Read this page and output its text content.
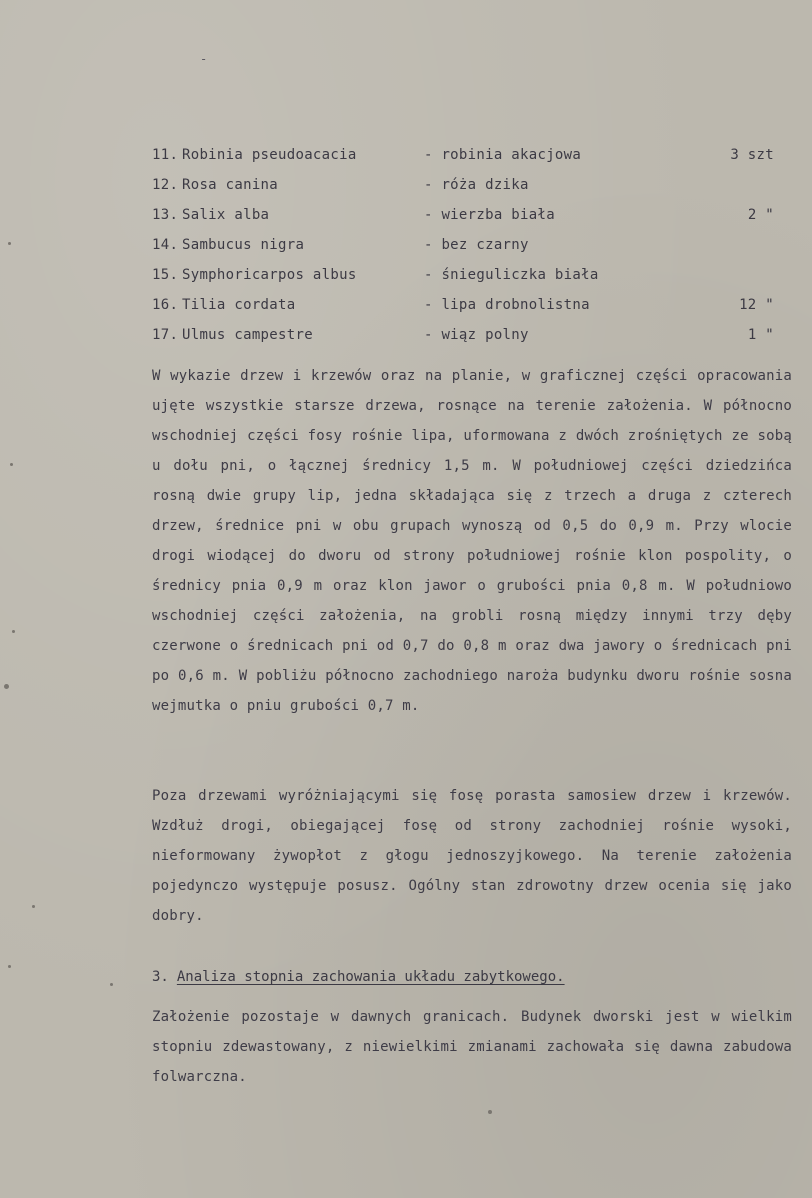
-
11. Robinia pseudoacacia	- robinia akacjowa	3 szt
12. Rosa canina	- róża dzika
13. Salix alba	- wierzba biała	2 "
14. Sambucus nigra	- bez czarny
15. Symphoricarpos albus	- śnieguliczka biała
16. Tilia cordata	- lipa drobnolistna	12 "
17. Ulmus campestre	- wiąz polny	1 "

W wykazie drzew i krzewów oraz na planie, w graficznej części opracowania ujęte wszystkie starsze drzewa, rosnące na terenie założenia. W północno wschodniej części fosy rośnie lipa, uformowana z dwóch zrośniętych ze sobą u dołu pni, o łącznej średnicy 1,5 m. W południowej części dziedzińca rosną dwie grupy lip, jedna składająca się z trzech a druga z czterech drzew, średnice pni w obu grupach wynoszą od 0,5 do 0,9 m. Przy wlocie drogi wiodącej do dworu od strony południowej rośnie klon pospolity, o średnicy pnia 0,9 m oraz klon jawor o grubości pnia 0,8 m. W południowo wschodniej części założenia, na grobli rosną między innymi trzy dęby czerwone o średnicach pni od 0,7 do 0,8 m oraz dwa jawory o średnicach pni po 0,6 m. W pobliżu północno zachodniego narożа budynku dworu rośnie sosna wejmutka o pniu grubości 0,7 m.

Poza drzewami wyróżniającymi się fosę porasta samosiew drzew i krzewów. Wzdłuż drogi, obiegającej fosę od strony zachodniej rośnie wysoki, nieformowany żywopłot z głogu jednoszyjkowego. Na terenie założenia pojedynczo występuje posusz. Ogólny stan zdrowotny drzew ocenia się jako dobry.

3. Analiza stopnia zachowania układu zabytkowego.

Założenie pozostaje w dawnych granicach. Budynek dworski jest w wielkim stopniu zdewastowany, z niewielkimi zmianami zachowała się dawna zabudowa folwarczna.
